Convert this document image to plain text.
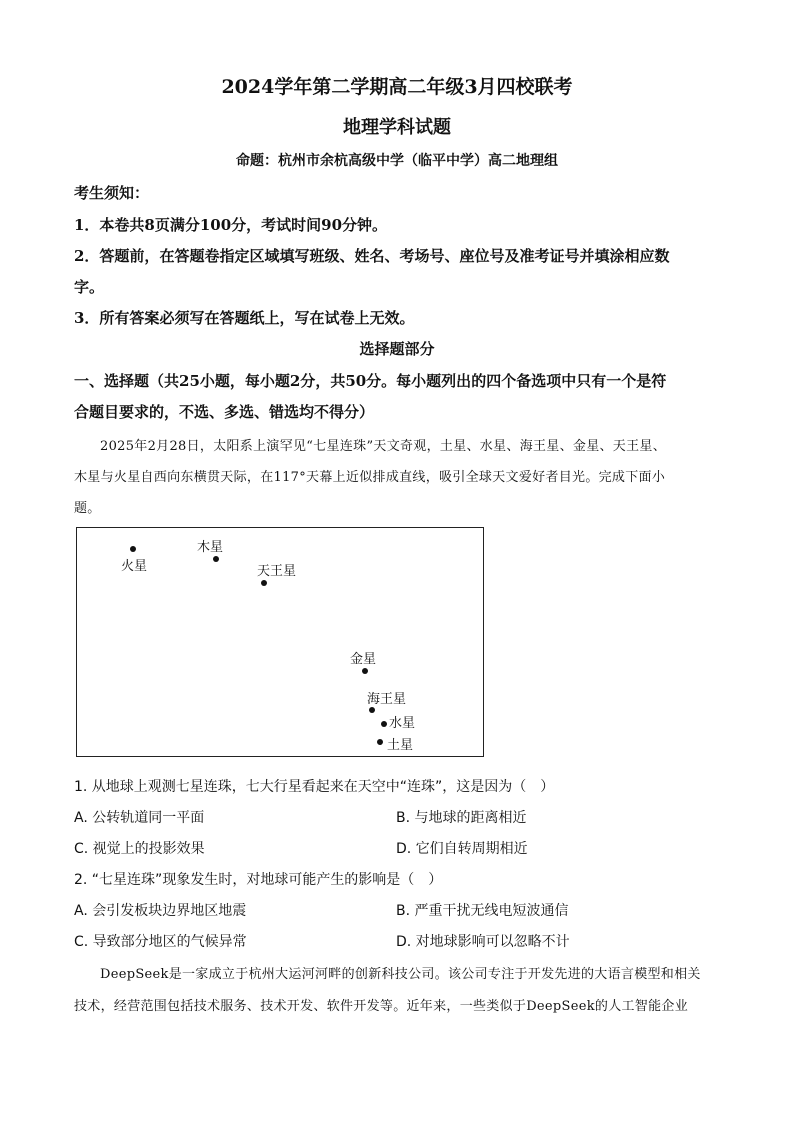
2024学年第二学期高二年级3月四校联考
地理学科试题
命题：杭州市余杭高级中学（临平中学）高二地理组
考生须知：
1．本卷共8页满分100分，考试时间90分钟。
2．答题前，在答题卷指定区域填写班级、姓名、考场号、座位号及准考证号并填涂相应数
字。
3．所有答案必须写在答题纸上，写在试卷上无效。
选择题部分
一、选择题（共25小题，每小题2分，共50分。每小题列出的四个备选项中只有一个是符
合题目要求的，不选、多选、错选均不得分）
2025年2月28日，太阳系上演罕见“七星连珠”天文奇观，土星、水星、海王星、金星、天王星、
木星与火星自西向东横贯天际，在117°天幕上近似排成直线，吸引全球天文爱好者目光。完成下面小
题。
火星
木星
天王星
金星
海王星
水星
土星
1. 从地球上观测七星连珠，七大行星看起来在天空中“连珠”，这是因为（　）
A. 公转轨道同一平面	B. 与地球的距离相近
C. 视觉上的投影效果	D. 它们自转周期相近
2. “七星连珠”现象发生时，对地球可能产生的影响是（　）
A. 会引发板块边界地区地震	B. 严重干扰无线电短波通信
C. 导致部分地区的气候异常	D. 对地球影响可以忽略不计
DeepSeek是一家成立于杭州大运河河畔的创新科技公司。该公司专注于开发先进的大语言模型和相关
技术，经营范围包括技术服务、技术开发、软件开发等。近年来，一些类似于DeepSeek的人工智能企业
